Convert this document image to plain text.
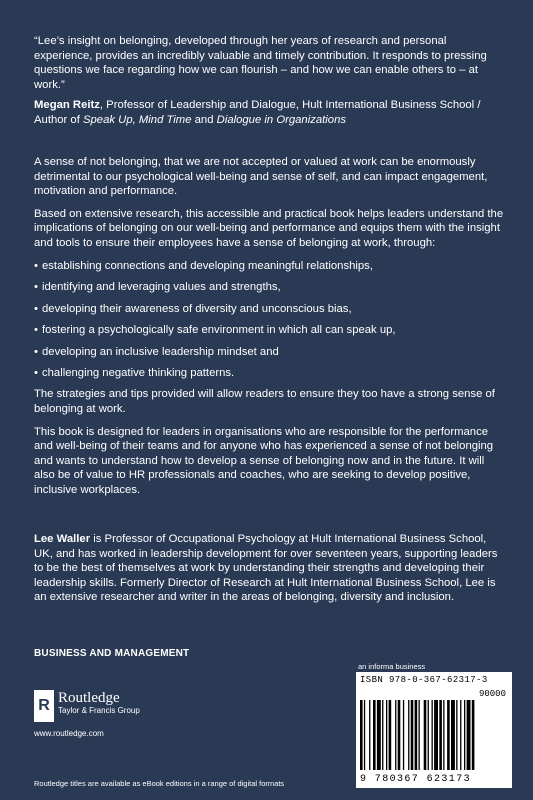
“Lee’s insight on belonging, developed through her years of research and personal experience, provides an incredibly valuable and timely contribution. It responds to pressing questions we face regarding how we can flourish – and how we can enable others to – at work.”

Megan Reitz, Professor of Leadership and Dialogue, Hult International Business School / Author of Speak Up, Mind Time and Dialogue in Organizations

A sense of not belonging, that we are not accepted or valued at work can be enormously detrimental to our psychological well-being and sense of self, and can impact engagement, motivation and performance.

Based on extensive research, this accessible and practical book helps leaders understand the implications of belonging on our well-being and performance and equips them with the insight and tools to ensure their employees have a sense of belonging at work, through:

• establishing connections and developing meaningful relationships,
• identifying and leveraging values and strengths,
• developing their awareness of diversity and unconscious bias,
• fostering a psychologically safe environment in which all can speak up,
• developing an inclusive leadership mindset and
• challenging negative thinking patterns.

The strategies and tips provided will allow readers to ensure they too have a strong sense of belonging at work.

This book is designed for leaders in organisations who are responsible for the performance and well-being of their teams and for anyone who has experienced a sense of not belonging and wants to understand how to develop a sense of belonging now and in the future. It will also be of value to HR professionals and coaches, who are seeking to develop positive, inclusive workplaces.

Lee Waller is Professor of Occupational Psychology at Hult International Business School, UK, and has worked in leadership development for over seventeen years, supporting leaders to be the best of themselves at work by understanding their strengths and developing their leadership skills. Formerly Director of Research at Hult International Business School, Lee is an extensive researcher and writer in the areas of belonging, diversity and inclusion.

BUSINESS AND MANAGEMENT
R Routledge
Taylor & Francis Group
www.routledge.com
an informa business
ISBN 978-0-367-62317-3
90000
9 780367 623173
Routledge titles are available as eBook editions in a range of digital formats
